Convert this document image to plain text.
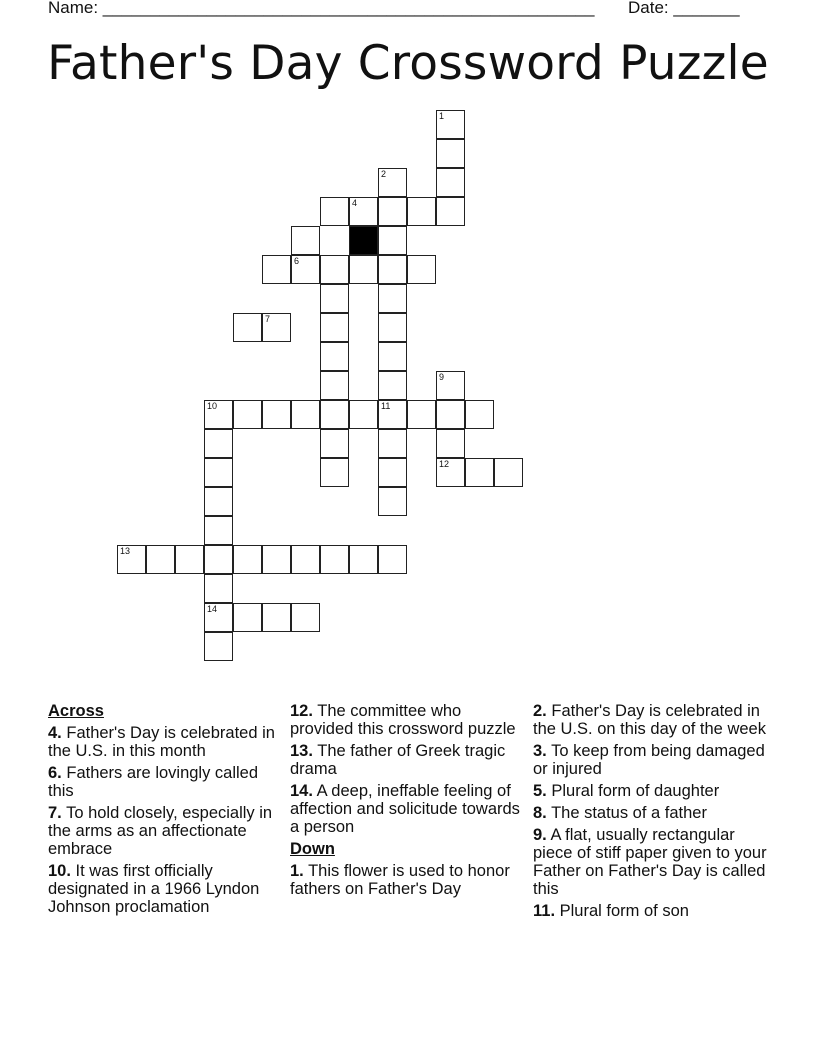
Name: ____________________________________________________ Date: _______
Father's Day Crossword Puzzle
1
2
4
6
7
9
10	11
12
13
14
Across
4. Father's Day is celebrated in the U.S. in this month
6. Fathers are lovingly called this
7. To hold closely, especially in the arms as an affectionate embrace
10. It was first officially designated in a 1966 Lyndon Johnson proclamation
12. The committee who provided this crossword puzzle
13. The father of Greek tragic drama
14. A deep, ineffable feeling of affection and solicitude towards a person
Down
1. This flower is used to honor fathers on Father's Day
2. Father's Day is celebrated in the U.S. on this day of the week
3. To keep from being damaged or injured
5. Plural form of daughter
8. The status of a father
9. A flat, usually rectangular piece of stiff paper given to your Father on Father's Day is called this
11. Plural form of son
